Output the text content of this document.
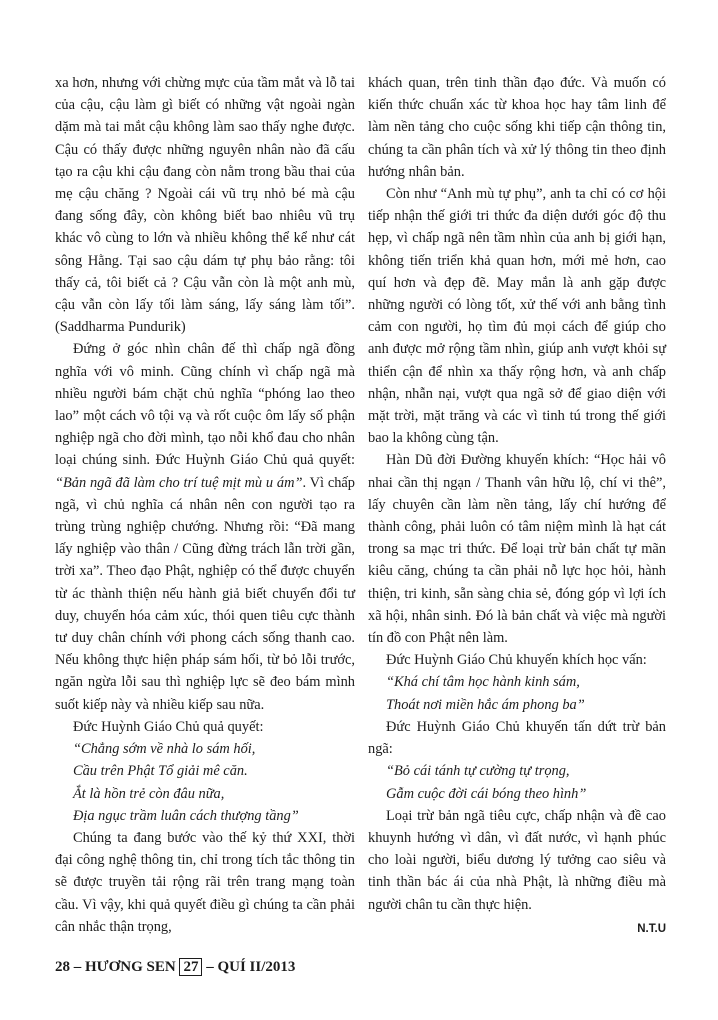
xa hơn, nhưng với chừng mực của tầm mắt và lỗ tai của cậu, cậu làm gì biết có những vật ngoài ngàn dặm mà tai mắt cậu không làm sao thấy nghe được. Cậu có thấy được những nguyên nhân nào đã cấu tạo ra cậu khi cậu đang còn nằm trong bầu thai của mẹ cậu chăng ? Ngoài cái vũ trụ nhỏ bé mà cậu đang sống đây, còn không biết bao nhiêu vũ trụ khác vô cùng to lớn và nhiều không thể kể như cát sông Hằng. Tại sao cậu dám tự phụ bảo rằng: tôi thấy cả, tôi biết cả ? Cậu vẫn còn là một anh mù, cậu vẫn còn lấy tối làm sáng, lấy sáng làm tối”. (Saddharma Pundurik)

Đứng ở góc nhìn chân đế thì chấp ngã đồng nghĩa với vô minh. Cũng chính vì chấp ngã mà nhiều người bám chặt chủ nghĩa “phóng lao theo lao” một cách vô tội vạ và rốt cuộc ôm lấy số phận nghiệp ngã cho đời mình, tạo nỗi khổ đau cho nhân loại chúng sinh. Đức Huỳnh Giáo Chủ quả quyết: “Bản ngã đã làm cho trí tuệ mịt mù u ám”. Vì chấp ngã, vì chủ nghĩa cá nhân nên con người tạo ra trùng trùng nghiệp chướng. Nhưng rồi: “Đã mang lấy nghiệp vào thân / Cũng đừng trách lẫn trời gần, trời xa”. Theo đạo Phật, nghiệp có thể được chuyển từ ác thành thiện nếu hành giả biết chuyển đổi tư duy, chuyển hóa cảm xúc, thói quen tiêu cực thành tư duy chân chính với phong cách sống thanh cao. Nếu không thực hiện pháp sám hối, từ bỏ lỗi trước, ngăn ngừa lỗi sau thì nghiệp lực sẽ đeo bám mình suốt kiếp này và nhiều kiếp sau nữa.

Đức Huỳnh Giáo Chủ quả quyết:

“Chẳng sớm về nhà lo sám hối,

Cầu trên Phật Tổ giải mê căn.

Ắt là hồn trẻ còn đâu nữa,

Địa ngục trầm luân cách thượng tầng”

Chúng ta đang bước vào thế kỷ thứ XXI, thời đại công nghệ thông tin, chỉ trong tích tắc thông tin sẽ được truyền tải rộng rãi trên trang mạng toàn cầu. Vì vậy, khi quả quyết điều gì chúng ta cần phải cân nhắc thận trọng,

khách quan, trên tinh thần đạo đức. Và muốn có kiến thức chuẩn xác từ khoa học hay tâm linh để làm nền tảng cho cuộc sống khi tiếp cận thông tin, chúng ta cần phân tích và xử lý thông tin theo định hướng nhân bản.

Còn như “Anh mù tự phụ”, anh ta chỉ có cơ hội tiếp nhận thế giới tri thức đa diện dưới góc độ thu hẹp, vì chấp ngã nên tầm nhìn của anh bị giới hạn, không tiến triển khả quan hơn, mới mẻ hơn, cao quí hơn và đẹp đẽ. May mắn là anh gặp được những người có lòng tốt, xử thế với anh bằng tình cảm con người, họ tìm đủ mọi cách để giúp cho anh được mở rộng tầm nhìn, giúp anh vượt khỏi sự thiển cận để nhìn xa thấy rộng hơn, và anh chấp nhận, nhẫn nại, vượt qua ngã sở để giao diện với mặt trời, mặt trăng và các vì tinh tú trong thế giới bao la không cùng tận.

Hàn Dũ đời Đường khuyến khích: “Học hải vô nhai cần thị ngạn / Thanh vân hữu lộ, chí vi thê”, lấy chuyên cần làm nền tảng, lấy chí hướng để thành công, phải luôn có tâm niệm mình là hạt cát trong sa mạc tri thức. Để loại trừ bản chất tự mãn kiêu căng, chúng ta cần phải nỗ lực học hỏi, hành thiện, tri kinh, sẵn sàng chia sẻ, đóng góp vì lợi ích xã hội, nhân sinh. Đó là bản chất và việc mà người tín đồ con Phật nên làm.

Đức Huỳnh Giáo Chủ khuyến khích học vấn:

“Khá chí tâm học hành kinh sám,

Thoát nơi miền hắc ám phong ba”

Đức Huỳnh Giáo Chủ khuyến tấn dứt trừ bản ngã:

“Bỏ cái tánh tự cường tự trọng,

Gẫm cuộc đời cái bóng theo hình”

Loại trừ bản ngã tiêu cực, chấp nhận và đề cao khuynh hướng vì dân, vì đất nước, vì hạnh phúc cho loài người, biểu dương lý tưởng cao siêu và tinh thần bác ái của nhà Phật, là những điều mà người chân tu cần thực hiện.

N.T.U

28 – HƯƠNG SEN 27 – QUÍ II/2013
